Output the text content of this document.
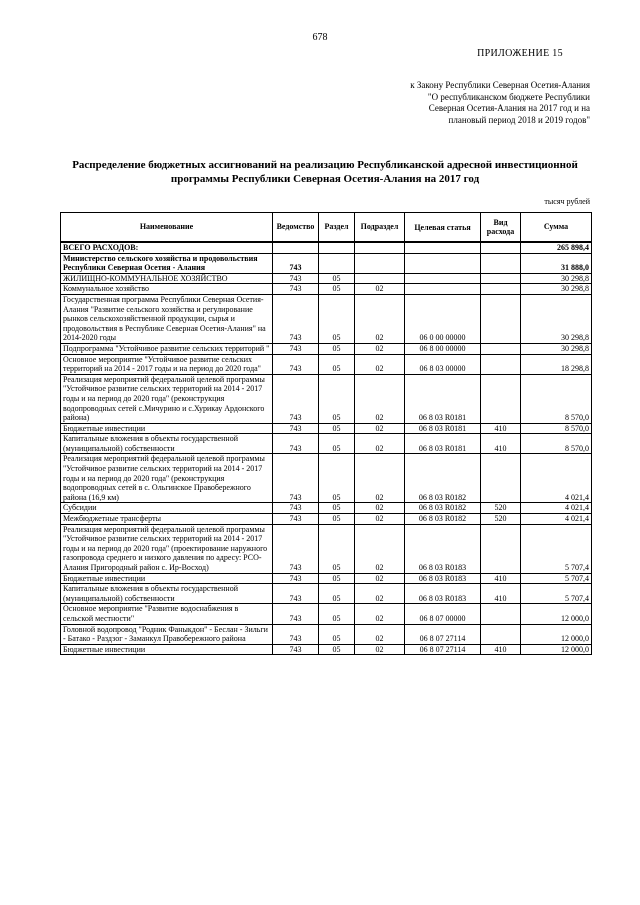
678
ПРИЛОЖЕНИЕ 15
к Закону Республики Северная Осетия-Алания "О республиканском бюджете Республики Северная Осетия-Алания на 2017 год и на плановый период 2018 и 2019 годов"
Распределение бюджетных ассигнований на реализацию Республиканской адресной инвестиционной программы Республики Северная Осетия-Алания на 2017 год
тысяч рублей
Наименование	Ведомство	Раздел	Подраздел	Целевая статья	Вид расхода	Сумма
ВСЕГО РАСХОДОВ:						265 898,4
Министерство сельского хозяйства и продовольствия Республики Северная Осетия - Алания	743					31 888,0
ЖИЛИЩНО-КОММУНАЛЬНОЕ ХОЗЯЙСТВО	743	05				30 298,8
Коммунальное хозяйство	743	05	02			30 298,8
Государственная программа Республики Северная Осетия-Алания "Развитие сельского хозяйства и регулирование рынков сельскохозяйственной продукции, сырья и продовольствия в Республике Северная Осетия-Алания" на 2014-2020 годы	743	05	02	06 0 00 00000		30 298,8
Подпрограмма "Устойчивое развитие сельских территорий "	743	05	02	06 8 00 00000		30 298,8
Основное мероприятие "Устойчивое развитие сельских территорий на 2014 - 2017 годы и на период до 2020 года"	743	05	02	06 8 03 00000		18 298,8
Реализация мероприятий федеральной целевой программы "Устойчивое развитие сельских территорий на 2014 - 2017 годы и на период до 2020 года" (реконструкция водопроводных сетей с.Мичурино и с.Хурикау Ардонского района)	743	05	02	06 8 03 R0181		8 570,0
Бюджетные инвестиции	743	05	02	06 8 03 R0181	410	8 570,0
Капитальные вложения в объекты государственной (муниципальной) собственности	743	05	02	06 8 03 R0181	410	8 570,0
Реализация мероприятий федеральной целевой программы "Устойчивое развитие сельских территорий на 2014 - 2017 годы и на период до 2020 года" (реконструкция водопроводных сетей в с. Ольгинское Правобережного района (16,9 км)	743	05	02	06 8 03 R0182		4 021,4
Субсидии	743	05	02	06 8 03 R0182	520	4 021,4
Межбюджетные трансферты	743	05	02	06 8 03 R0182	520	4 021,4
Реализация мероприятий федеральной целевой программы "Устойчивое развитие сельских территорий на 2014 - 2017 годы и на период до 2020 года" (проектирование наружного газопровода среднего и низкого давления по адресу: РСО-Алания Пригородный район с. Ир-Восход)	743	05	02	06 8 03 R0183		5 707,4
Бюджетные инвестиции	743	05	02	06 8 03 R0183	410	5 707,4
Капитальные вложения в объекты государственной (муниципальной) собственности	743	05	02	06 8 03 R0183	410	5 707,4
Основное мероприятие "Развитие водоснабжения в сельской местности"	743	05	02	06 8 07 00000		12 000,0
Головной водопровод "Родник Фаныкдон" - Беслан - Зильги - Батако - Раздзог - Заманкул Правобережного района	743	05	02	06 8 07 27114		12 000,0
Бюджетные инвестиции	743	05	02	06 8 07 27114	410	12 000,0
